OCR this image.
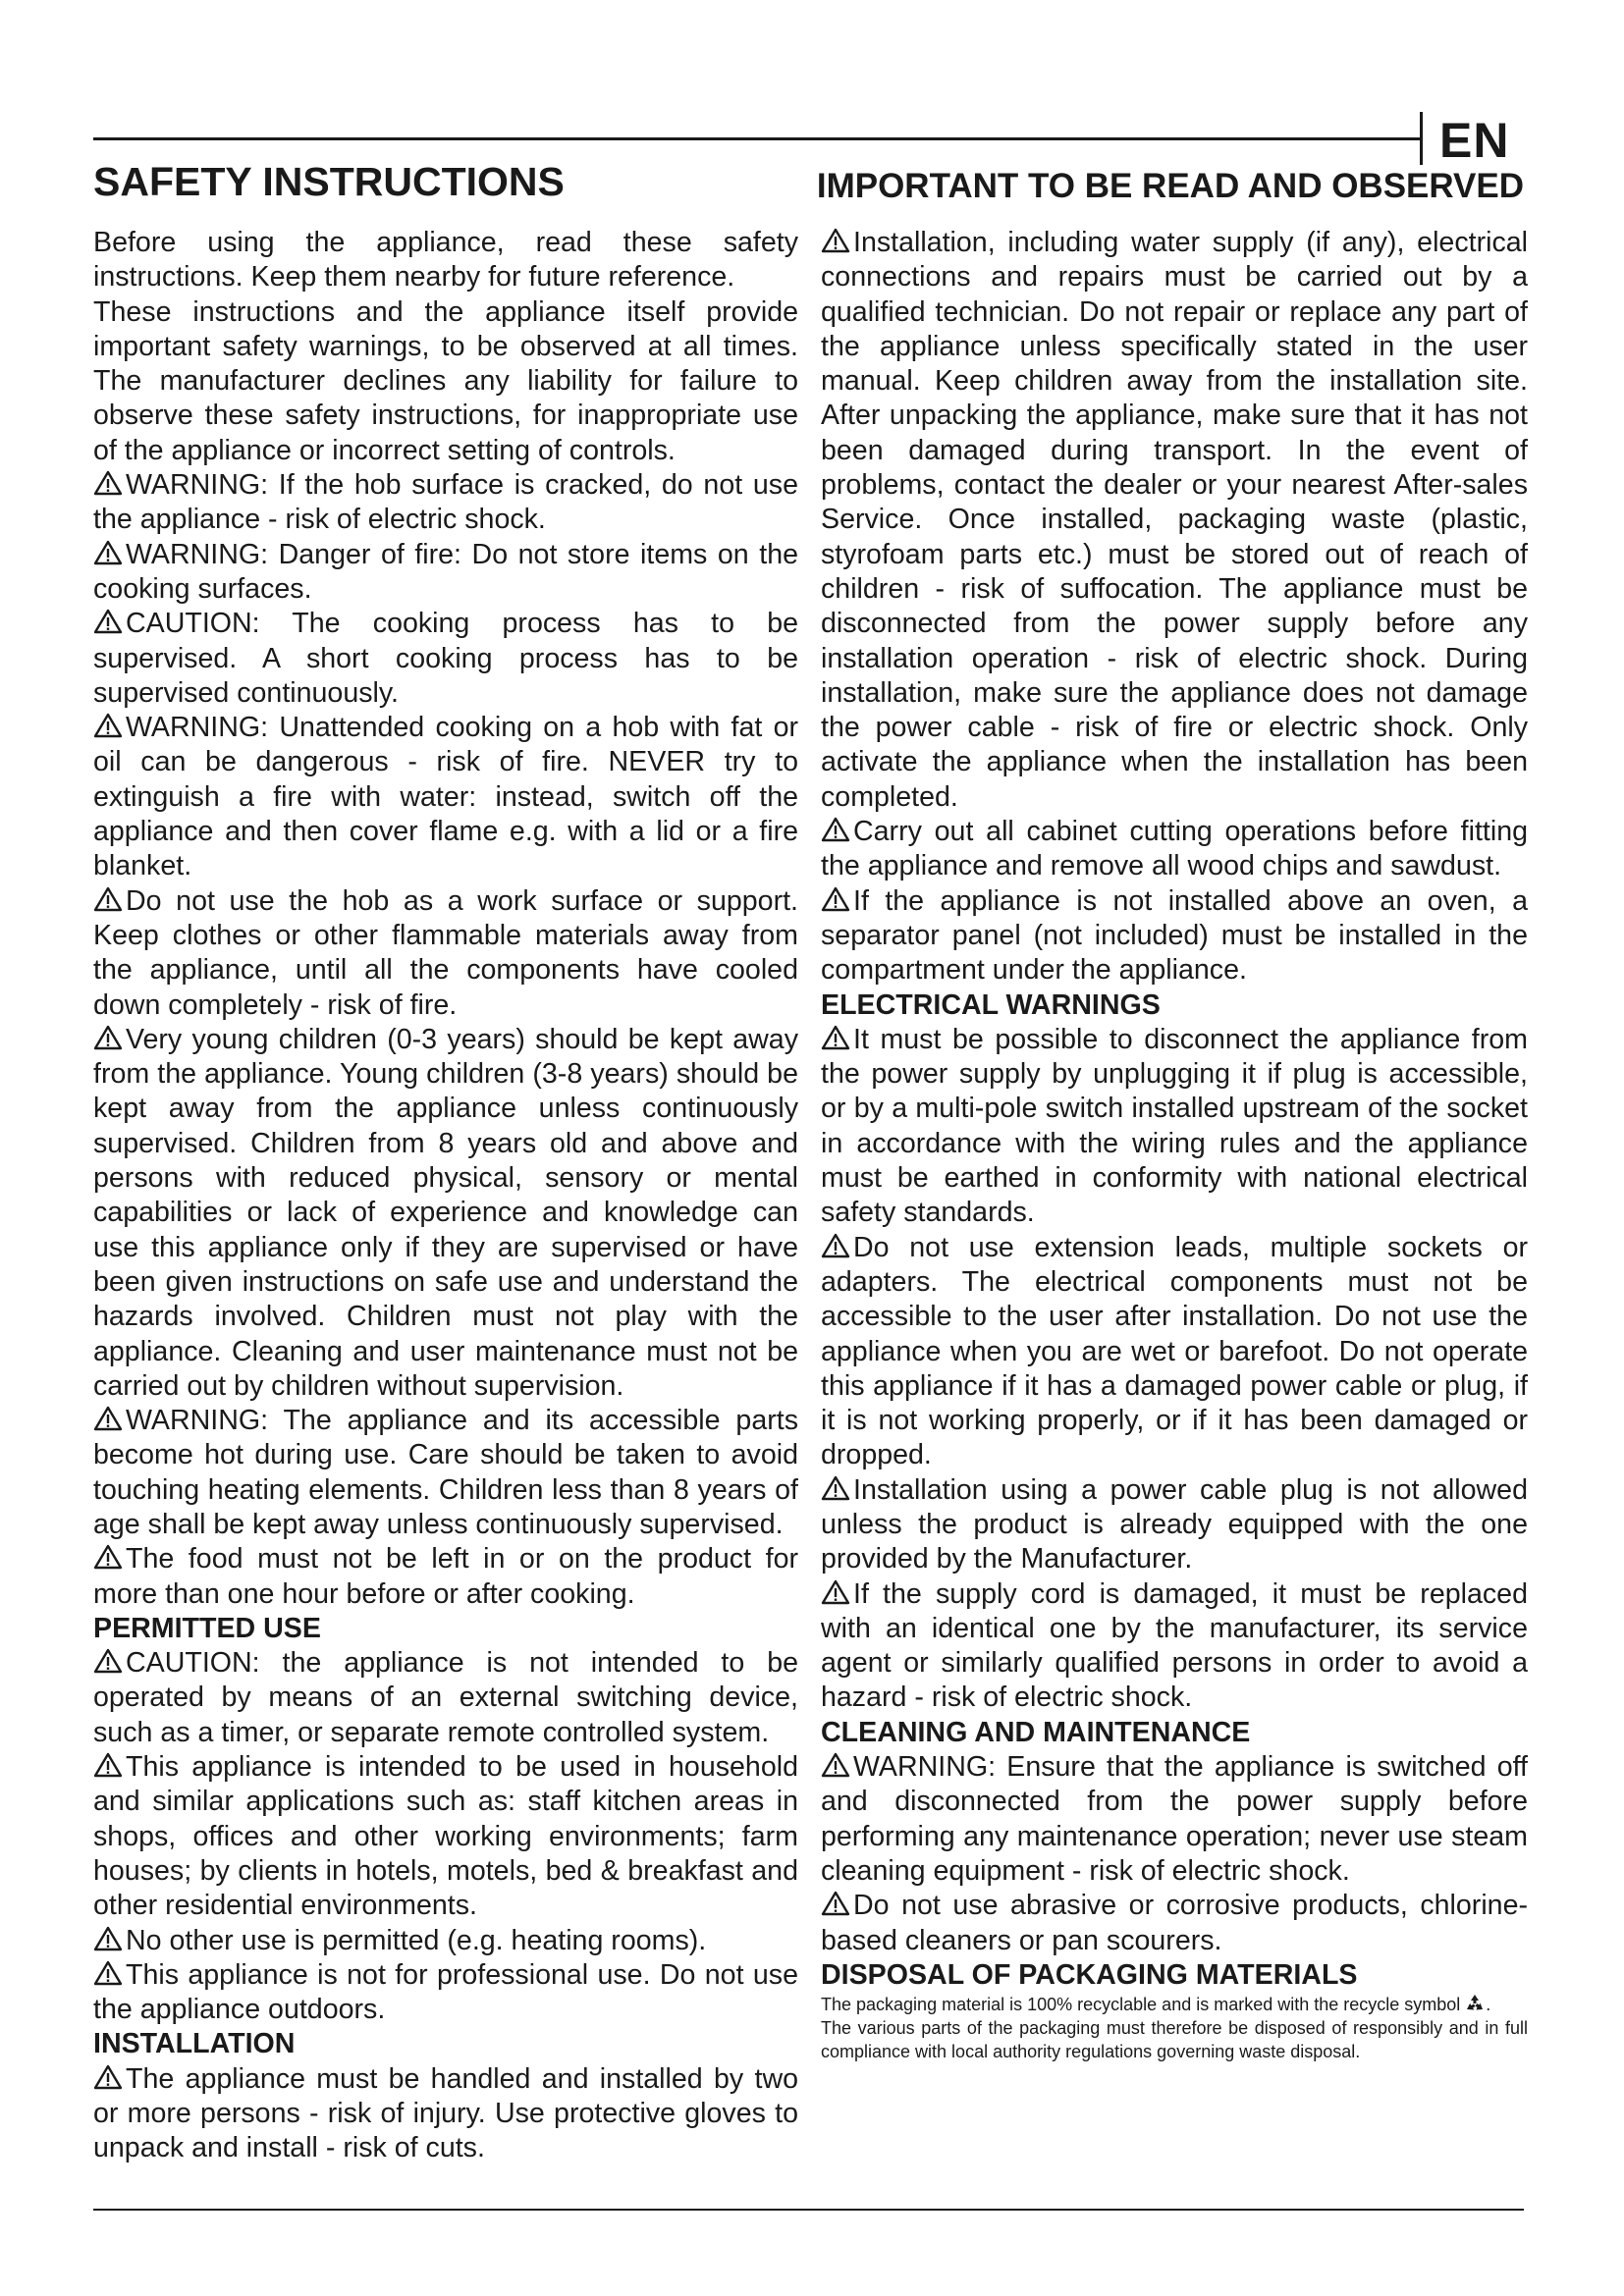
EN
SAFETY INSTRUCTIONS	IMPORTANT TO BE READ AND OBSERVED

Before using the appliance, read these safety instructions. Keep them nearby for future reference.

These instructions and the appliance itself provide important safety warnings, to be observed at all times. The manufacturer declines any liability for failure to observe these safety instructions, for inappropriate use of the appliance or incorrect setting of controls.

WARNING: If the hob surface is cracked, do not use the appliance - risk of electric shock.

WARNING: Danger of fire: Do not store items on the cooking surfaces.

CAUTION: The cooking process has to be supervised. A short cooking process has to be supervised continuously.

WARNING: Unattended cooking on a hob with fat or oil can be dangerous - risk of fire. NEVER try to extinguish a fire with water: instead, switch off the appliance and then cover flame e.g. with a lid or a fire blanket.

Do not use the hob as a work surface or support. Keep clothes or other flammable materials away from the appliance, until all the components have cooled down completely - risk of fire.

Very young children (0-3 years) should be kept away from the appliance. Young children (3-8 years) should be kept away from the appliance unless continuously supervised. Children from 8 years old and above and persons with reduced physical, sensory or mental capabilities or lack of experience and knowledge can use this appliance only if they are supervised or have been given instructions on safe use and understand the hazards involved. Children must not play with the appliance. Cleaning and user maintenance must not be carried out by children without supervision.

WARNING: The appliance and its accessible parts become hot during use. Care should be taken to avoid touching heating elements. Children less than 8 years of age shall be kept away unless continuously supervised.

The food must not be left in or on the product for more than one hour before or after cooking.

PERMITTED USE

CAUTION: the appliance is not intended to be operated by means of an external switching device, such as a timer, or separate remote controlled system.

This appliance is intended to be used in household and similar applications such as: staff kitchen areas in shops, offices and other working environments; farm houses; by clients in hotels, motels, bed & breakfast and other residential environments.

No other use is permitted (e.g. heating rooms).

This appliance is not for professional use. Do not use the appliance outdoors.

INSTALLATION

The appliance must be handled and installed by two or more persons - risk of injury. Use protective gloves to unpack and install - risk of cuts.

Installation, including water supply (if any), electrical connections and repairs must be carried out by a qualified technician. Do not repair or replace any part of the appliance unless specifically stated in the user manual. Keep children away from the installation site. After unpacking the appliance, make sure that it has not been damaged during transport. In the event of problems, contact the dealer or your nearest After-sales Service. Once installed, packaging waste (plastic, styrofoam parts etc.) must be stored out of reach of children - risk of suffocation. The appliance must be disconnected from the power supply before any installation operation - risk of electric shock. During installation, make sure the appliance does not damage the power cable - risk of fire or electric shock. Only activate the appliance when the installation has been completed.

Carry out all cabinet cutting operations before fitting the appliance and remove all wood chips and sawdust.

If the appliance is not installed above an oven, a separator panel (not included) must be installed in the compartment under the appliance.

ELECTRICAL WARNINGS

It must be possible to disconnect the appliance from the power supply by unplugging it if plug is accessible, or by a multi-pole switch installed upstream of the socket in accordance with the wiring rules and the appliance must be earthed in conformity with national electrical safety standards.

Do not use extension leads, multiple sockets or adapters. The electrical components must not be accessible to the user after installation. Do not use the appliance when you are wet or barefoot. Do not operate this appliance if it has a damaged power cable or plug, if it is not working properly, or if it has been damaged or dropped.

Installation using a power cable plug is not allowed unless the product is already equipped with the one provided by the Manufacturer.

If the supply cord is damaged, it must be replaced with an identical one by the manufacturer, its service agent or similarly qualified persons in order to avoid a hazard - risk of electric shock.

CLEANING AND MAINTENANCE

WARNING: Ensure that the appliance is switched off and disconnected from the power supply before performing any maintenance operation; never use steam cleaning equipment - risk of electric shock.

Do not use abrasive or corrosive products, chlorine-based cleaners or pan scourers.

DISPOSAL OF PACKAGING MATERIALS

The packaging material is 100% recyclable and is marked with the recycle symbol .

The various parts of the packaging must therefore be disposed of responsibly and in full compliance with local authority regulations governing waste disposal.
